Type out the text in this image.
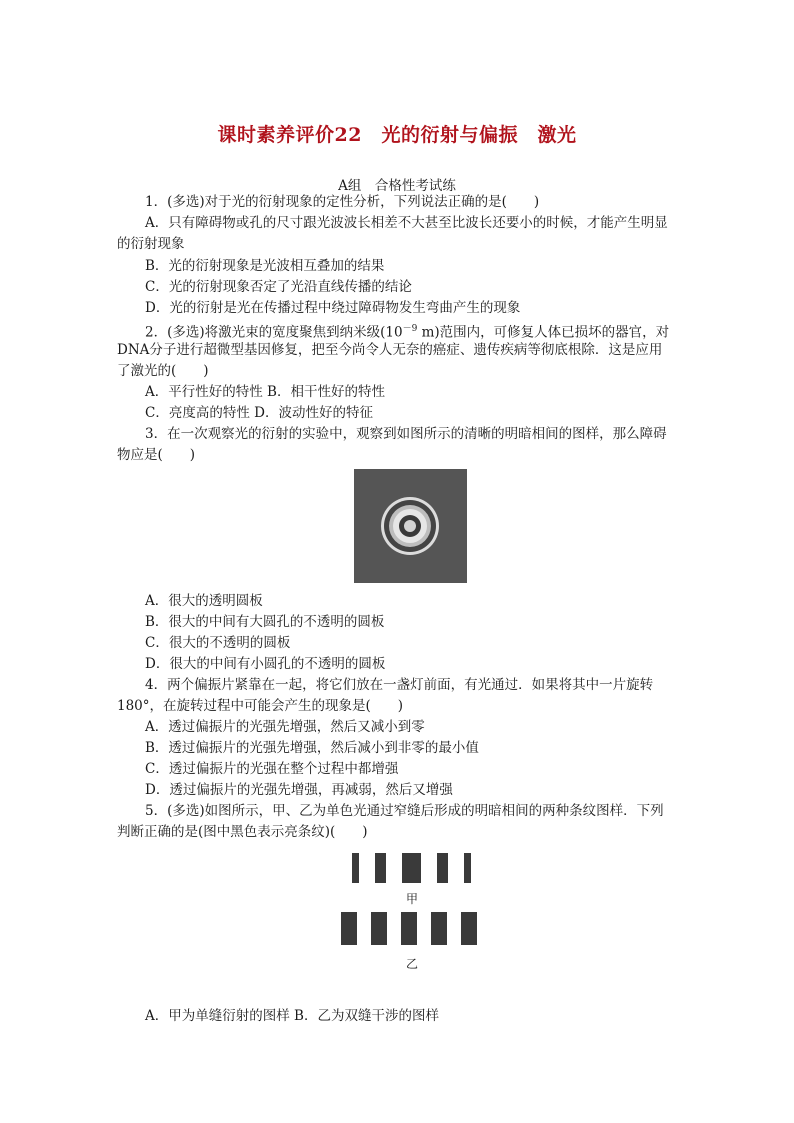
课时素养评价22　光的衍射与偏振　激光
A组　合格性考试练
1．(多选)对于光的衍射现象的定性分析，下列说法正确的是(　　)
A．只有障碍物或孔的尺寸跟光波波长相差不大甚至比波长还要小的时候，才能产生明显
的衍射现象
B．光的衍射现象是光波相互叠加的结果
C．光的衍射现象否定了光沿直线传播的结论
D．光的衍射是光在传播过程中绕过障碍物发生弯曲产生的现象
2．(多选)将激光束的宽度聚焦到纳米级($10^{-9}$ m)范围内，可修复人体已损坏的器官，对
DNA分子进行超微型基因修复，把至今尚令人无奈的癌症、遗传疾病等彻底根除．这是应用
了激光的(　　)
A．平行性好的特性 B．相干性好的特性
C．亮度高的特性 D．波动性好的特征
3．在一次观察光的衍射的实验中，观察到如图所示的清晰的明暗相间的图样，那么障碍
物应是(　　)
A．很大的透明圆板
B．很大的中间有大圆孔的不透明的圆板
C．很大的不透明的圆板
D．很大的中间有小圆孔的不透明的圆板
4．两个偏振片紧靠在一起，将它们放在一盏灯前面，有光通过．如果将其中一片旋转
180°，在旋转过程中可能会产生的现象是(　　)
A．透过偏振片的光强先增强，然后又减小到零
B．透过偏振片的光强先增强，然后减小到非零的最小值
C．透过偏振片的光强在整个过程中都增强
D．透过偏振片的光强先增强，再减弱，然后又增强
5．(多选)如图所示，甲、乙为单色光通过窄缝后形成的明暗相间的两种条纹图样．下列
判断正确的是(图中黑色表示亮条纹)(　　)
甲
乙
A．甲为单缝衍射的图样 B．乙为双缝干涉的图样
